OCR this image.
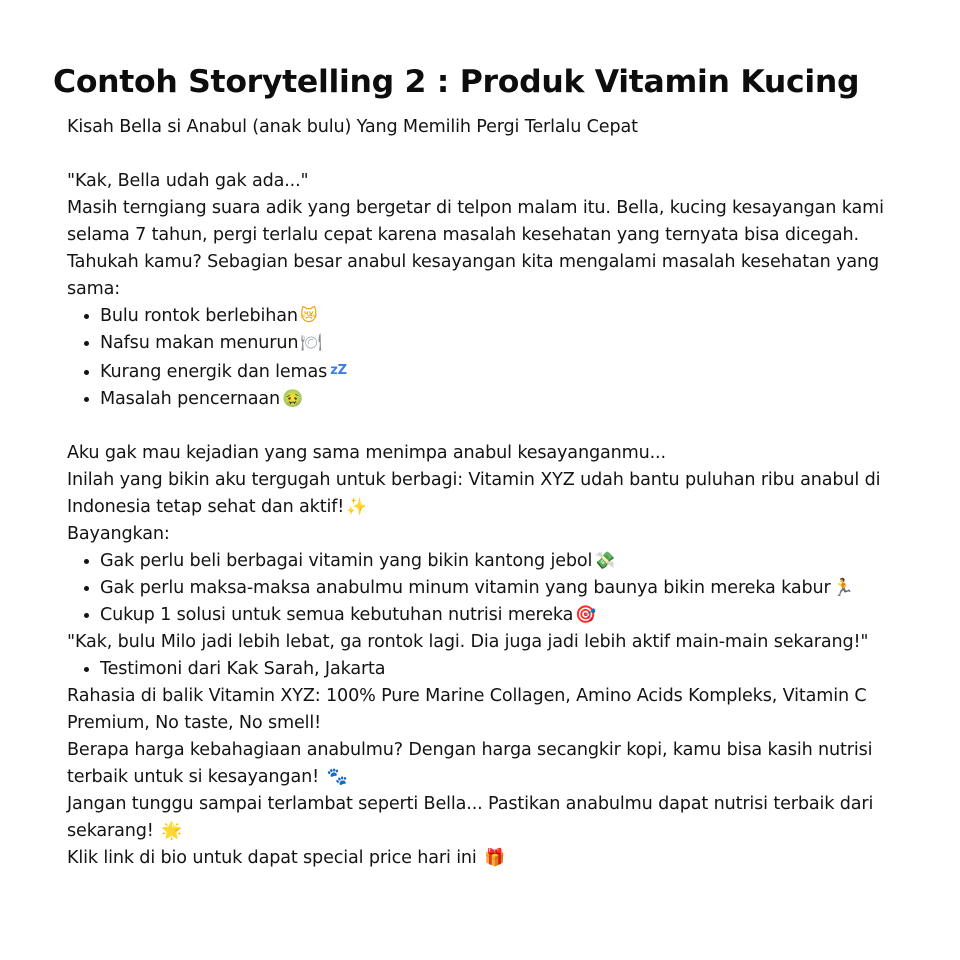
Contoh Storytelling 2 : Produk Vitamin Kucing

Kisah Bella si Anabul (anak bulu) Yang Memilih Pergi Terlalu Cepat

"Kak, Bella udah gak ada..."

Masih terngiang suara adik yang bergetar di telpon malam itu. Bella, kucing kesayangan kami selama 7 tahun, pergi terlalu cepat karena masalah kesehatan yang ternyata bisa dicegah.

Tahukah kamu? Sebagian besar anabul kesayangan kita mengalami masalah kesehatan yang sama:

• Bulu rontok berlebihan 😿
• Nafsu makan menurun 🍽
• Kurang energik dan lemas zZ
• Masalah pencernaan 🤢

Aku gak mau kejadian yang sama menimpa anabul kesayanganmu...

Inilah yang bikin aku tergugah untuk berbagi: Vitamin XYZ udah bantu puluhan ribu anabul di Indonesia tetap sehat dan aktif! ✨

Bayangkan:

• Gak perlu beli berbagai vitamin yang bikin kantong jebol 💸
• Gak perlu maksa-maksa anabulmu minum vitamin yang baunya bikin mereka kabur 🏃
• Cukup 1 solusi untuk semua kebutuhan nutrisi mereka 🎯

"Kak, bulu Milo jadi lebih lebat, ga rontok lagi. Dia juga jadi lebih aktif main-main sekarang!"

• Testimoni dari Kak Sarah, Jakarta

Rahasia di balik Vitamin XYZ: 100% Pure Marine Collagen, Amino Acids Kompleks, Vitamin C Premium, No taste, No smell!

Berapa harga kebahagiaan anabulmu? Dengan harga secangkir kopi, kamu bisa kasih nutrisi terbaik untuk si kesayangan! 🐾

Jangan tunggu sampai terlambat seperti Bella... Pastikan anabulmu dapat nutrisi terbaik dari sekarang! 🌟

Klik link di bio untuk dapat special price hari ini 🎁
